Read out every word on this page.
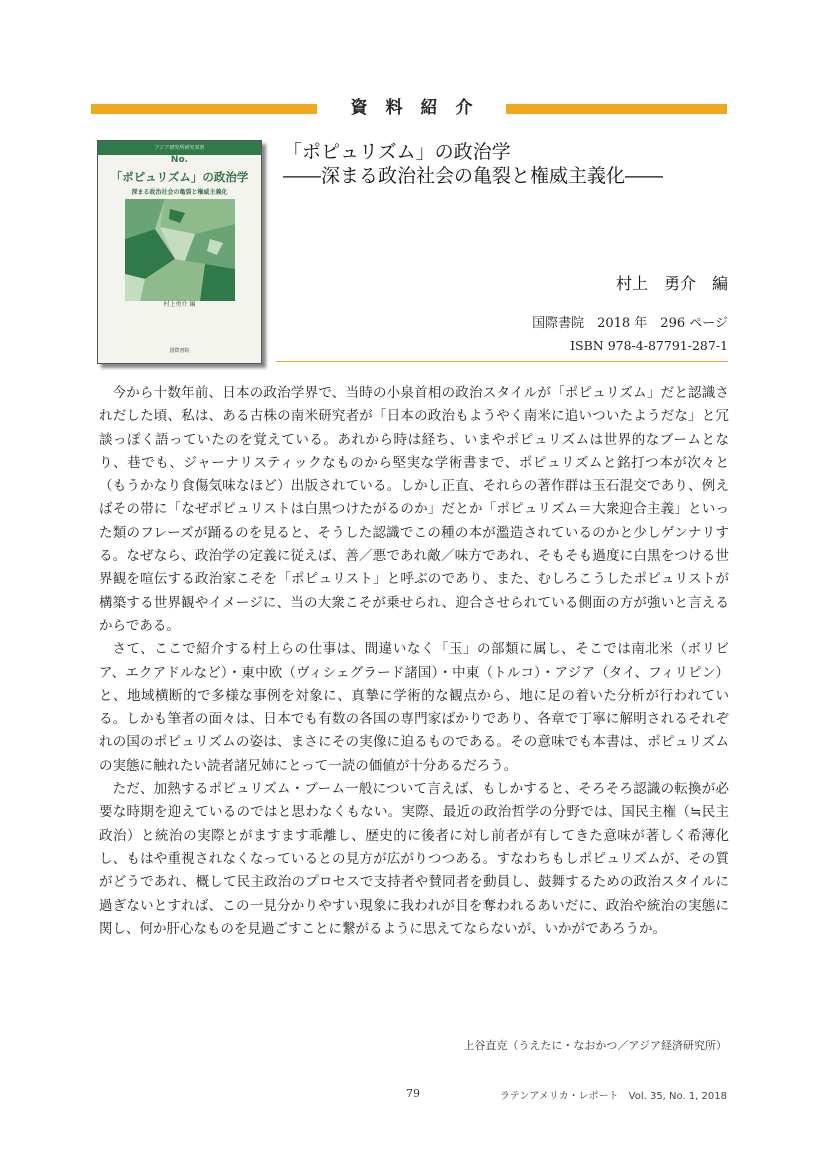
資料紹介
アジア研究所研究双書
No.
「ポピュリズム」の政治学
深まる政治社会の亀裂と権威主義化
村上勇介 編
国際書院
「ポピュリズム」の政治学
――深まる政治社会の亀裂と権威主義化――
村上　勇介　編
国際書院　2018 年　296 ページ
ISBN 978-4-87791-287-1

今から十数年前、日本の政治学界で、当時の小泉首相の政治スタイルが「ポピュリズム」だと認識されだした頃、私は、ある古株の南米研究者が「日本の政治もようやく南米に追いついたようだな」と冗談っぽく語っていたのを覚えている。あれから時は経ち、いまやポピュリズムは世界的なブームとなり、巷でも、ジャーナリスティックなものから堅実な学術書まで、ポピュリズムと銘打つ本が次々と（もうかなり食傷気味なほど）出版されている。しかし正直、それらの著作群は玉石混交であり、例えばその帯に「なぜポピュリストは白黒つけたがるのか」だとか「ポピュリズム＝大衆迎合主義」といった類のフレーズが踊るのを見ると、そうした認識でこの種の本が濫造されているのかと少しゲンナリする。なぜなら、政治学の定義に従えば、善／悪であれ敵／味方であれ、そもそも過度に白黒をつける世界観を喧伝する政治家こそを「ポピュリスト」と呼ぶのであり、また、むしろこうしたポピュリストが構築する世界観やイメージに、当の大衆こそが乗せられ、迎合させられている側面の方が強いと言えるからである。

さて、ここで紹介する村上らの仕事は、間違いなく「玉」の部類に属し、そこでは南北米（ボリビア、エクアドルなど）・東中欧（ヴィシェグラード諸国）・中東（トルコ）・アジア（タイ、フィリピン）と、地域横断的で多様な事例を対象に、真摯に学術的な観点から、地に足の着いた分析が行われている。しかも筆者の面々は、日本でも有数の各国の専門家ばかりであり、各章で丁寧に解明されるそれぞれの国のポピュリズムの姿は、まさにその実像に迫るものである。その意味でも本書は、ポピュリズムの実態に触れたい読者諸兄姉にとって一読の価値が十分あるだろう。

ただ、加熱するポピュリズム・ブーム一般について言えば、もしかすると、そろそろ認識の転換が必要な時期を迎えているのではと思わなくもない。実際、最近の政治哲学の分野では、国民主権（≒民主政治）と統治の実際とがますます乖離し、歴史的に後者に対し前者が有してきた意味が著しく希薄化し、もはや重視されなくなっているとの見方が広がりつつある。すなわちもしポピュリズムが、その質がどうであれ、概して民主政治のプロセスで支持者や賛同者を動員し、鼓舞するための政治スタイルに過ぎないとすれば、この一見分かりやすい現象に我われが目を奪われるあいだに、政治や統治の実態に関し、何か肝心なものを見過ごすことに繋がるように思えてならないが、いかがであろうか。

上谷直克（うえたに・なおかつ／アジア経済研究所）
79	ラテンアメリカ・レポート　Vol. 35, No. 1, 2018
